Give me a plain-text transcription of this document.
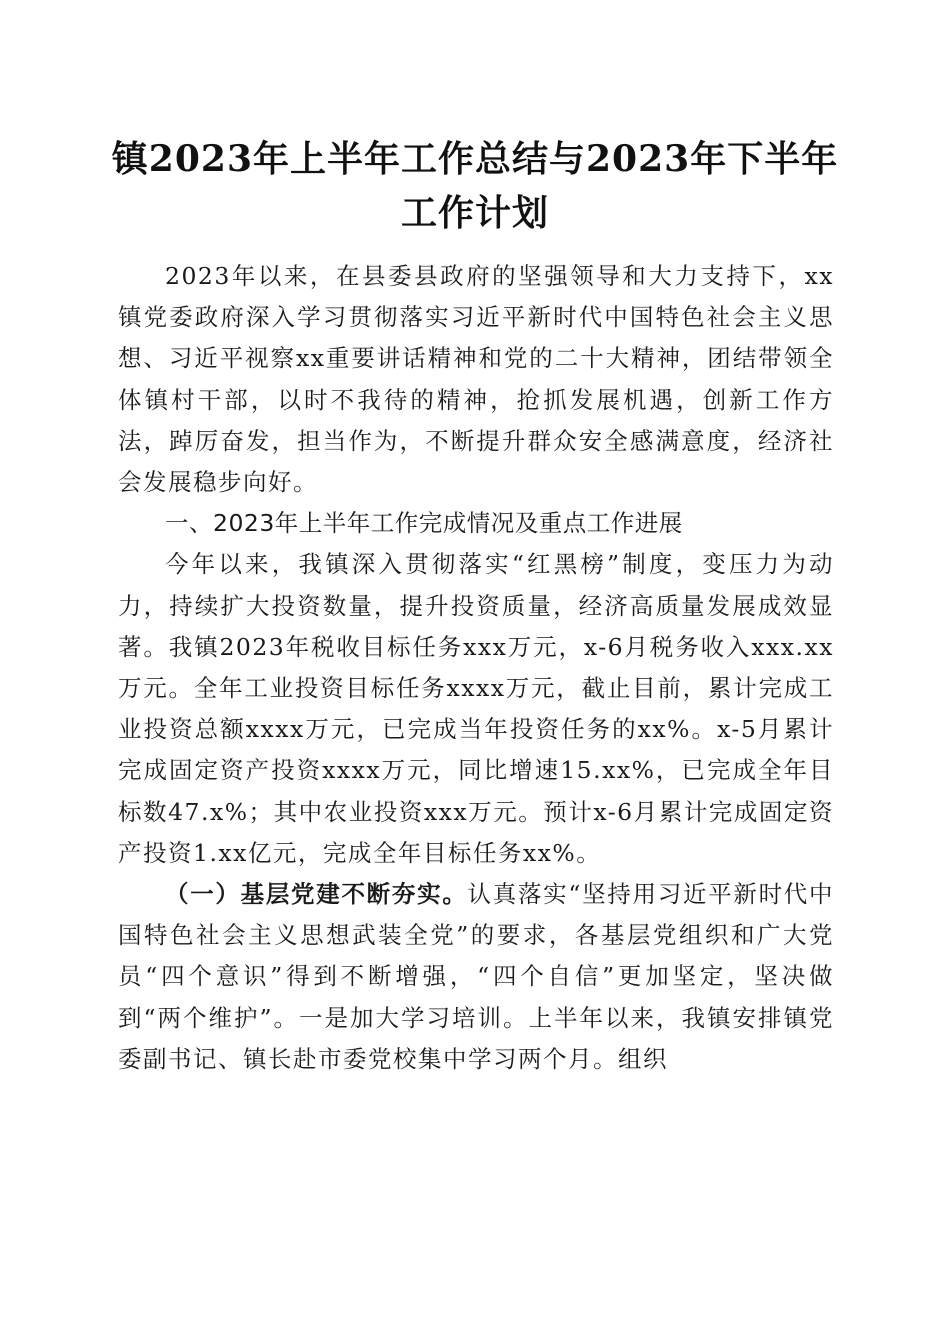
镇2023年上半年工作总结与2023年下半年工作计划

2023年以来，在县委县政府的坚强领导和大力支持下，xx镇党委政府深入学习贯彻落实习近平新时代中国特色社会主义思想、习近平视察xx重要讲话精神和党的二十大精神，团结带领全体镇村干部，以时不我待的精神，抢抓发展机遇，创新工作方法，踔厉奋发，担当作为，不断提升群众安全感满意度，经济社会发展稳步向好。

一、2023年上半年工作完成情况及重点工作进展

今年以来，我镇深入贯彻落实“红黑榜”制度，变压力为动力，持续扩大投资数量，提升投资质量，经济高质量发展成效显著。我镇2023年税收目标任务xxx万元，x-6月税务收入xxx.xx万元。全年工业投资目标任务xxxx万元，截止目前，累计完成工业投资总额xxxx万元，已完成当年投资任务的xx%。x-5月累计完成固定资产投资xxxx万元，同比增速15.xx%，已完成全年目标数47.x%；其中农业投资xxx万元。预计x-6月累计完成固定资产投资1.xx亿元，完成全年目标任务xx%。

（一）基层党建不断夯实。认真落实“坚持用习近平新时代中国特色社会主义思想武装全党”的要求，各基层党组织和广大党员“四个意识”得到不断增强，“四个自信”更加坚定，坚决做到“两个维护”。一是加大学习培训。上半年以来，我镇安排镇党委副书记、镇长赴市委党校集中学习两个月。组织
